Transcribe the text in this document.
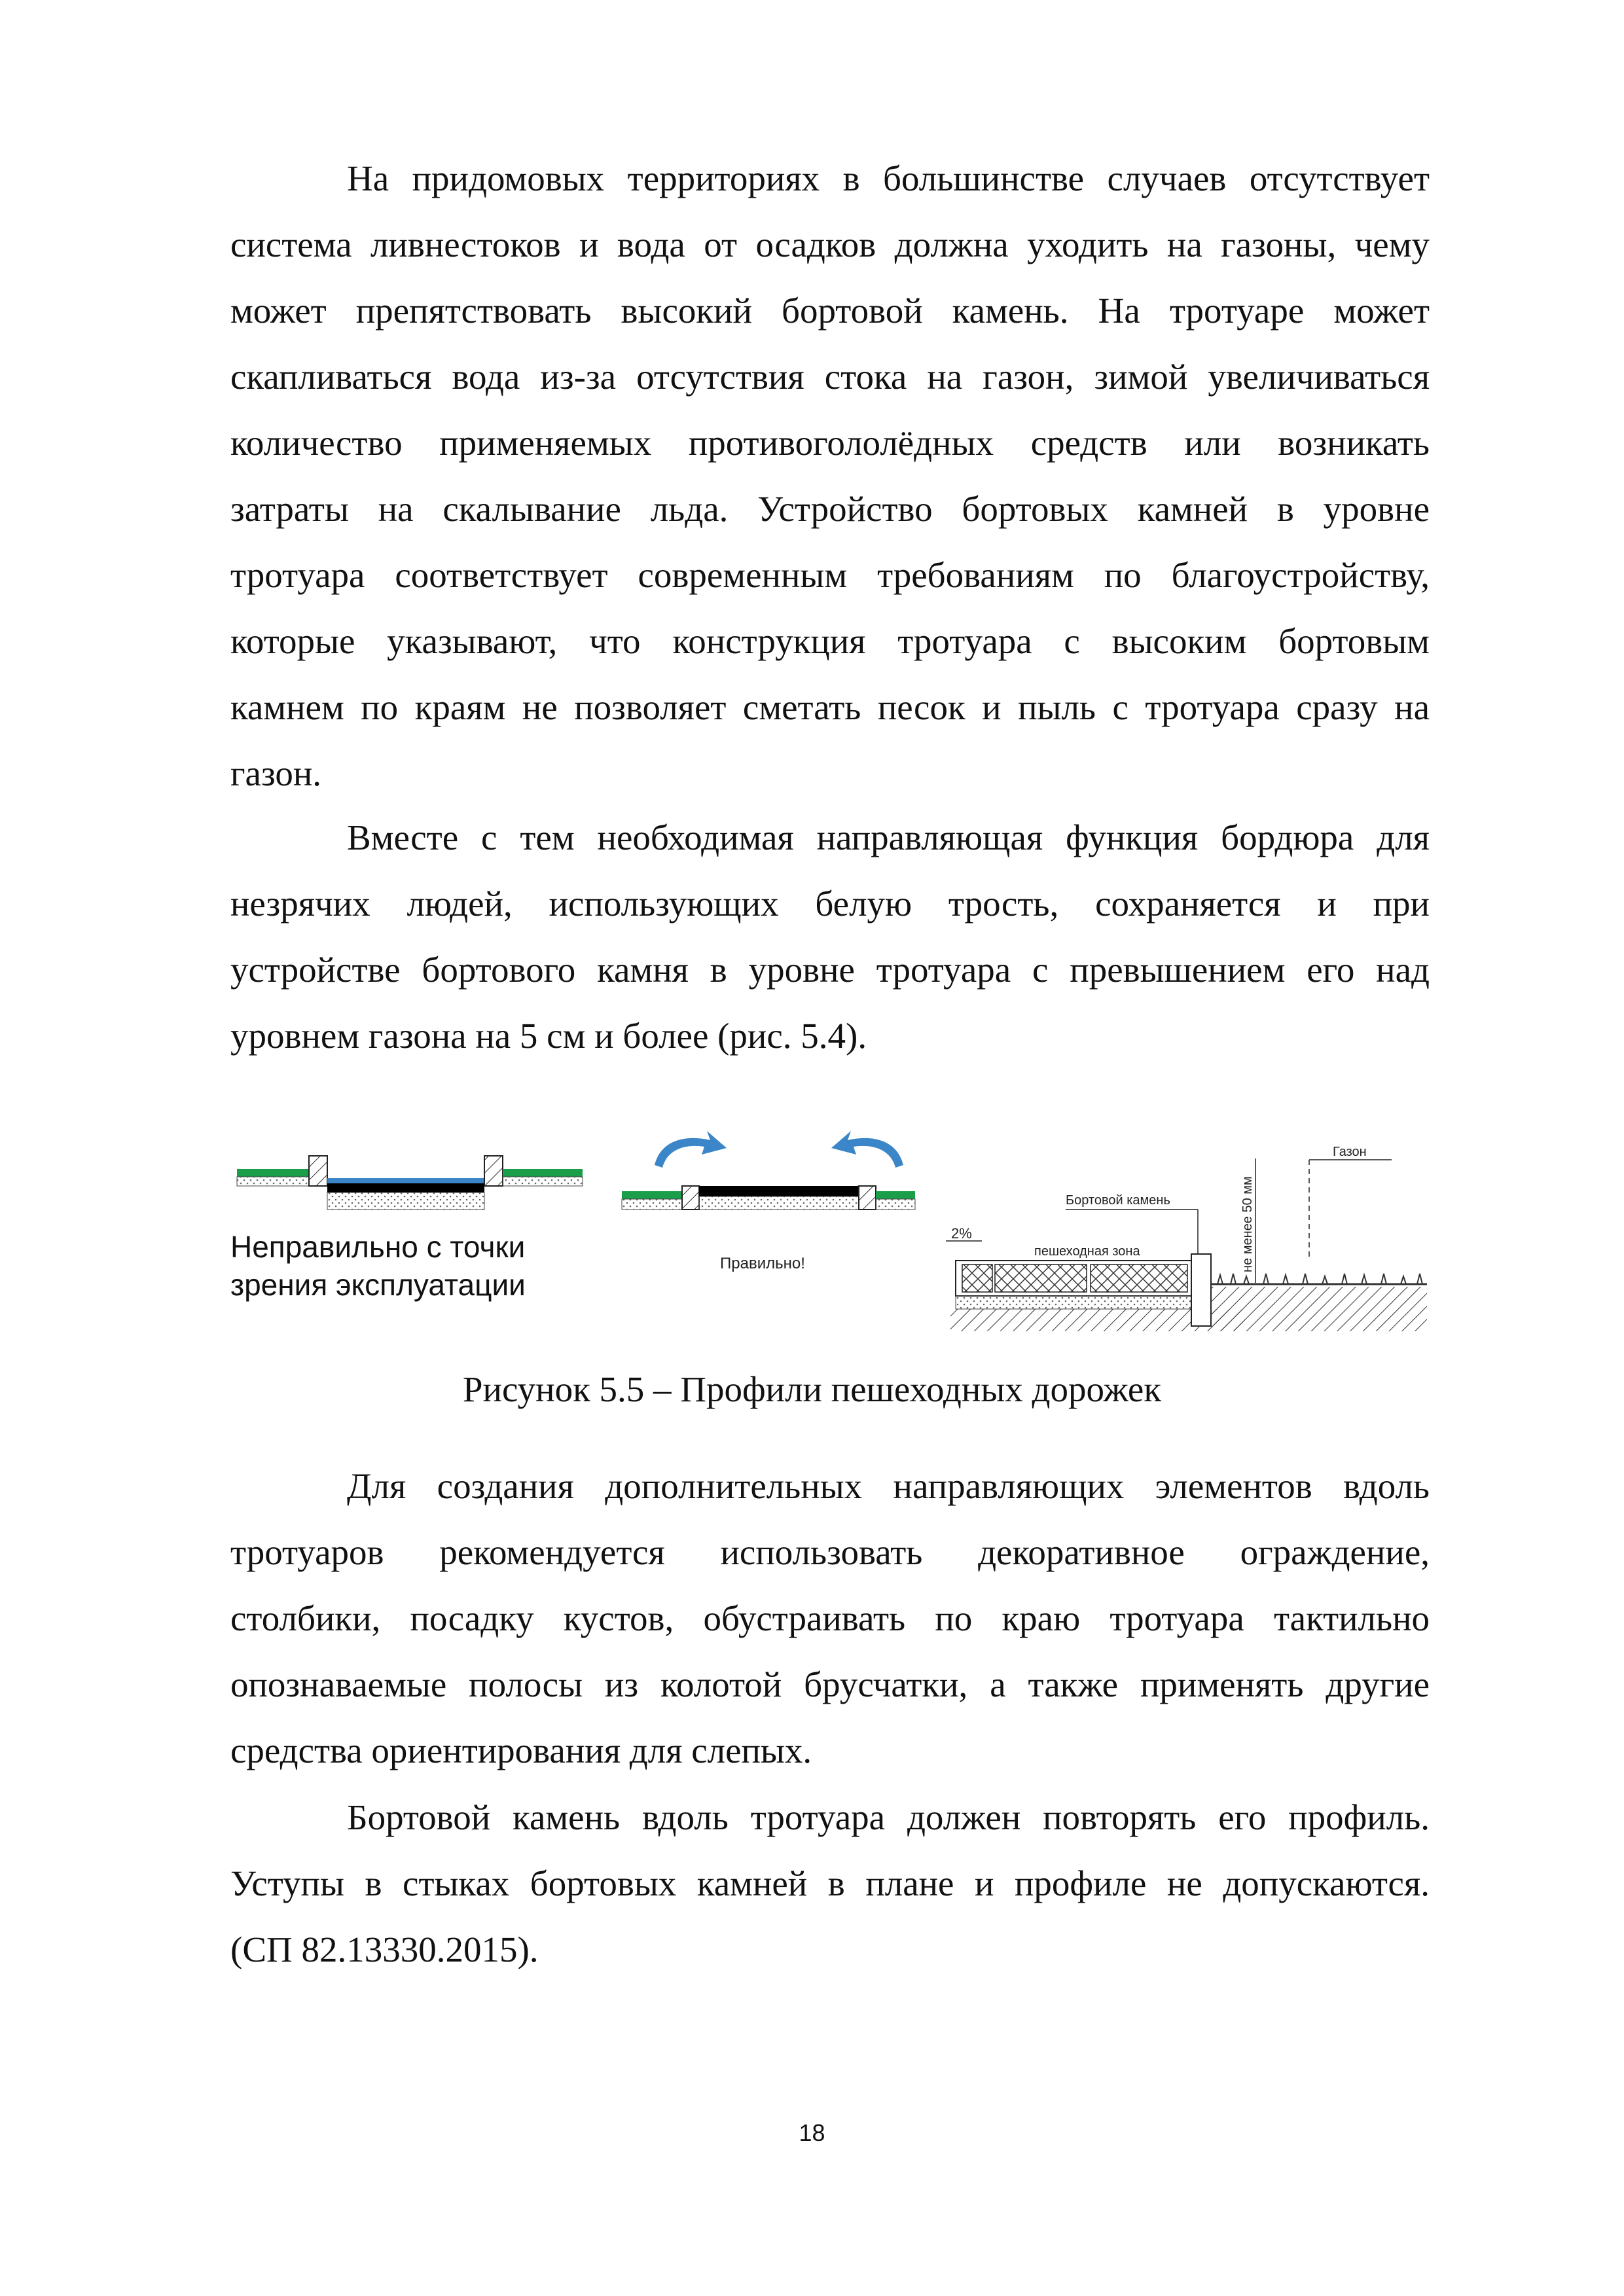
На придомовых территориях в большинстве случаев отсутствует
система ливнестоков и вода от осадков должна уходить на газоны, чему
может препятствовать высокий бортовой камень. На тротуаре может
скапливаться вода из-за отсутствия стока на газон, зимой увеличиваться
количество применяемых противогололёдных средств или возникать
затраты на скалывание льда. Устройство бортовых камней в уровне
тротуара соответствует современным требованиям по благоустройству,
которые указывают, что конструкция тротуара с высоким бортовым
камнем по краям не позволяет сметать песок и пыль с тротуара сразу на
газон.
Вместе с тем необходимая направляющая функция бордюра для
незрячих людей, использующих белую трость, сохраняется и при
устройстве бортового камня в уровне тротуара с превышением его над
уровнем газона на 5 см и более (рис. 5.4).
Правильно!
2%
пешеходная зона
Бортовой камень
Газон
не менее 50 мм
Неправильно с точки
зрения эксплуатации
Рисунок 5.5 – Профили пешеходных дорожек
Для создания дополнительных направляющих элементов вдоль
тротуаров рекомендуется использовать декоративное ограждение,
столбики, посадку кустов, обустраивать по краю тротуара тактильно
опознаваемые полосы из колотой брусчатки, а также применять другие
средства ориентирования для слепых.
Бортовой камень вдоль тротуара должен повторять его профиль.
Уступы в стыках бортовых камней в плане и профиле не допускаются.
(СП 82.13330.2015).
18
